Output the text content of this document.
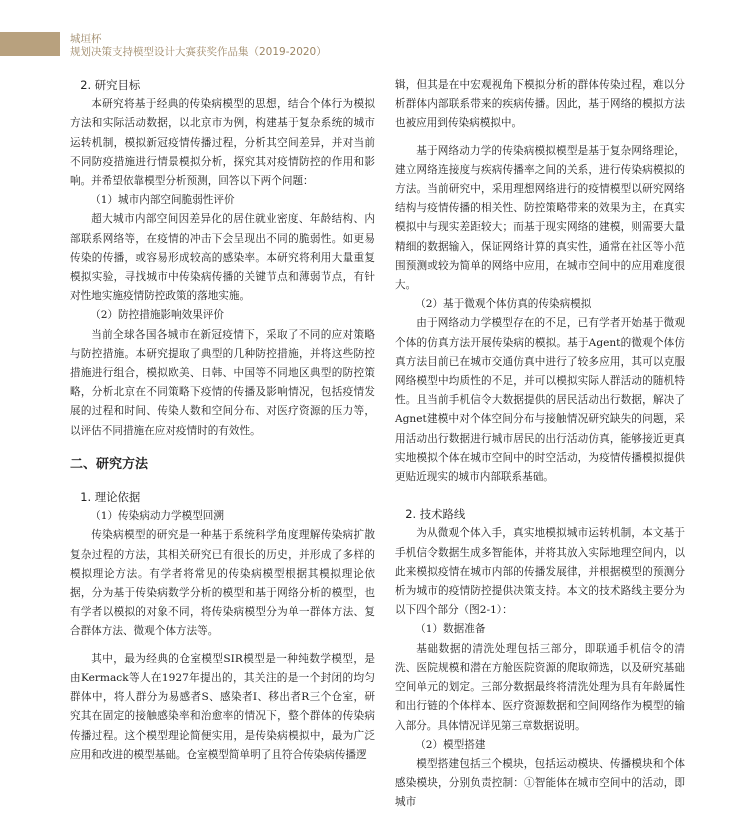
城垣杯
规划决策支持模型设计大赛获奖作品集（2019-2020）

2. 研究目标

本研究将基于经典的传染病模型的思想，结合个体行为模拟方法和实际活动数据，以北京市为例，构建基于复杂系统的城市运转机制，模拟新冠疫情传播过程，分析其空间差异，并对当前不同防疫措施进行情景模拟分析，探究其对疫情防控的作用和影响。并希望依靠模型分析预测，回答以下两个问题：

（1）城市内部空间脆弱性评价

超大城市内部空间因差异化的居住就业密度、年龄结构、内部联系网络等，在疫情的冲击下会呈现出不同的脆弱性。如更易传染的传播，或容易形成较高的感染率。本研究将利用大量重复模拟实验，寻找城市中传染病传播的关键节点和薄弱节点，有针对性地实施疫情防控政策的落地实施。

（2）防控措施影响效果评价

当前全球各国各城市在新冠疫情下，采取了不同的应对策略与防控措施。本研究提取了典型的几种防控措施，并将这些防控措施进行组合，模拟欧美、日韩、中国等不同地区典型的防控策略，分析北京在不同策略下疫情的传播及影响情况，包括疫情发展的过程和时间、传染人数和空间分布、对医疗资源的压力等，以评估不同措施在应对疫情时的有效性。

二、研究方法

1. 理论依据

（1）传染病动力学模型回溯

传染病模型的研究是一种基于系统科学角度理解传染病扩散复杂过程的方法，其相关研究已有很长的历史，并形成了多样的模拟理论方法。有学者将常见的传染病模型根据其模拟理论依据，分为基于传染病数学分析的模型和基于网络分析的模型，也有学者以模拟的对象不同，将传染病模型分为单一群体方法、复合群体方法、微观个体方法等。

其中，最为经典的仓室模型SIR模型是一种纯数学模型，是由Kermack等人在1927年提出的，其关注的是一个封闭的均匀群体中，将人群分为易感者S、感染者I、移出者R三个仓室，研究其在固定的接触感染率和治愈率的情况下，整个群体的传染病传播过程。这个模型理论简便实用，是传染病模拟中，最为广泛应用和改进的模型基础。仓室模型简单明了且符合传染病传播逻

辑，但其是在中宏观视角下模拟分析的群体传染过程，难以分析群体内部联系带来的疾病传播。因此，基于网络的模拟方法也被应用到传染病模拟中。

基于网络动力学的传染病模拟模型是基于复杂网络理论，建立网络连接度与疾病传播率之间的关系，进行传染病模拟的方法。当前研究中，采用理想网络进行的疫情模型以研究网络结构与疫情传播的相关性、防控策略带来的效果为主，在真实模拟中与现实差距较大；而基于现实网络的建模，则需要大量精细的数据输入，保证网络计算的真实性，通常在社区等小范围预测或较为简单的网络中应用，在城市空间中的应用难度很大。

（2）基于微观个体仿真的传染病模拟

由于网络动力学模型存在的不足，已有学者开始基于微观个体的仿真方法开展传染病的模拟。基于Agent的微观个体仿真方法目前已在城市交通仿真中进行了较多应用，其可以克服网络模型中均质性的不足，并可以模拟实际人群活动的随机特性。且当前手机信令大数据提供的居民活动出行数据，解决了Agnet建模中对个体空间分布与接触情况研究缺失的问题，采用活动出行数据进行城市居民的出行活动仿真，能够接近更真实地模拟个体在城市空间中的时空活动，为疫情传播模拟提供更贴近现实的城市内部联系基础。

2. 技术路线

为从微观个体入手，真实地模拟城市运转机制，本文基于手机信令数据生成多智能体，并将其放入实际地理空间内，以此来模拟疫情在城市内部的传播发展律，并根据模型的预测分析为城市的疫情防控提供决策支持。本文的技术路线主要分为以下四个部分（图2-1）：

（1）数据准备

基础数据的清洗处理包括三部分，即联通手机信令的清洗、医院规模和潜在方舱医院资源的爬取筛选，以及研究基础空间单元的划定。三部分数据最终将清洗处理为具有年龄属性和出行链的个体样本、医疗资源数据和空间网络作为模型的输入部分。具体情况详见第三章数据说明。

（2）模型搭建

模型搭建包括三个模块，包括运动模块、传播模块和个体感染模块，分别负责控制：①智能体在城市空间中的活动，即城市
